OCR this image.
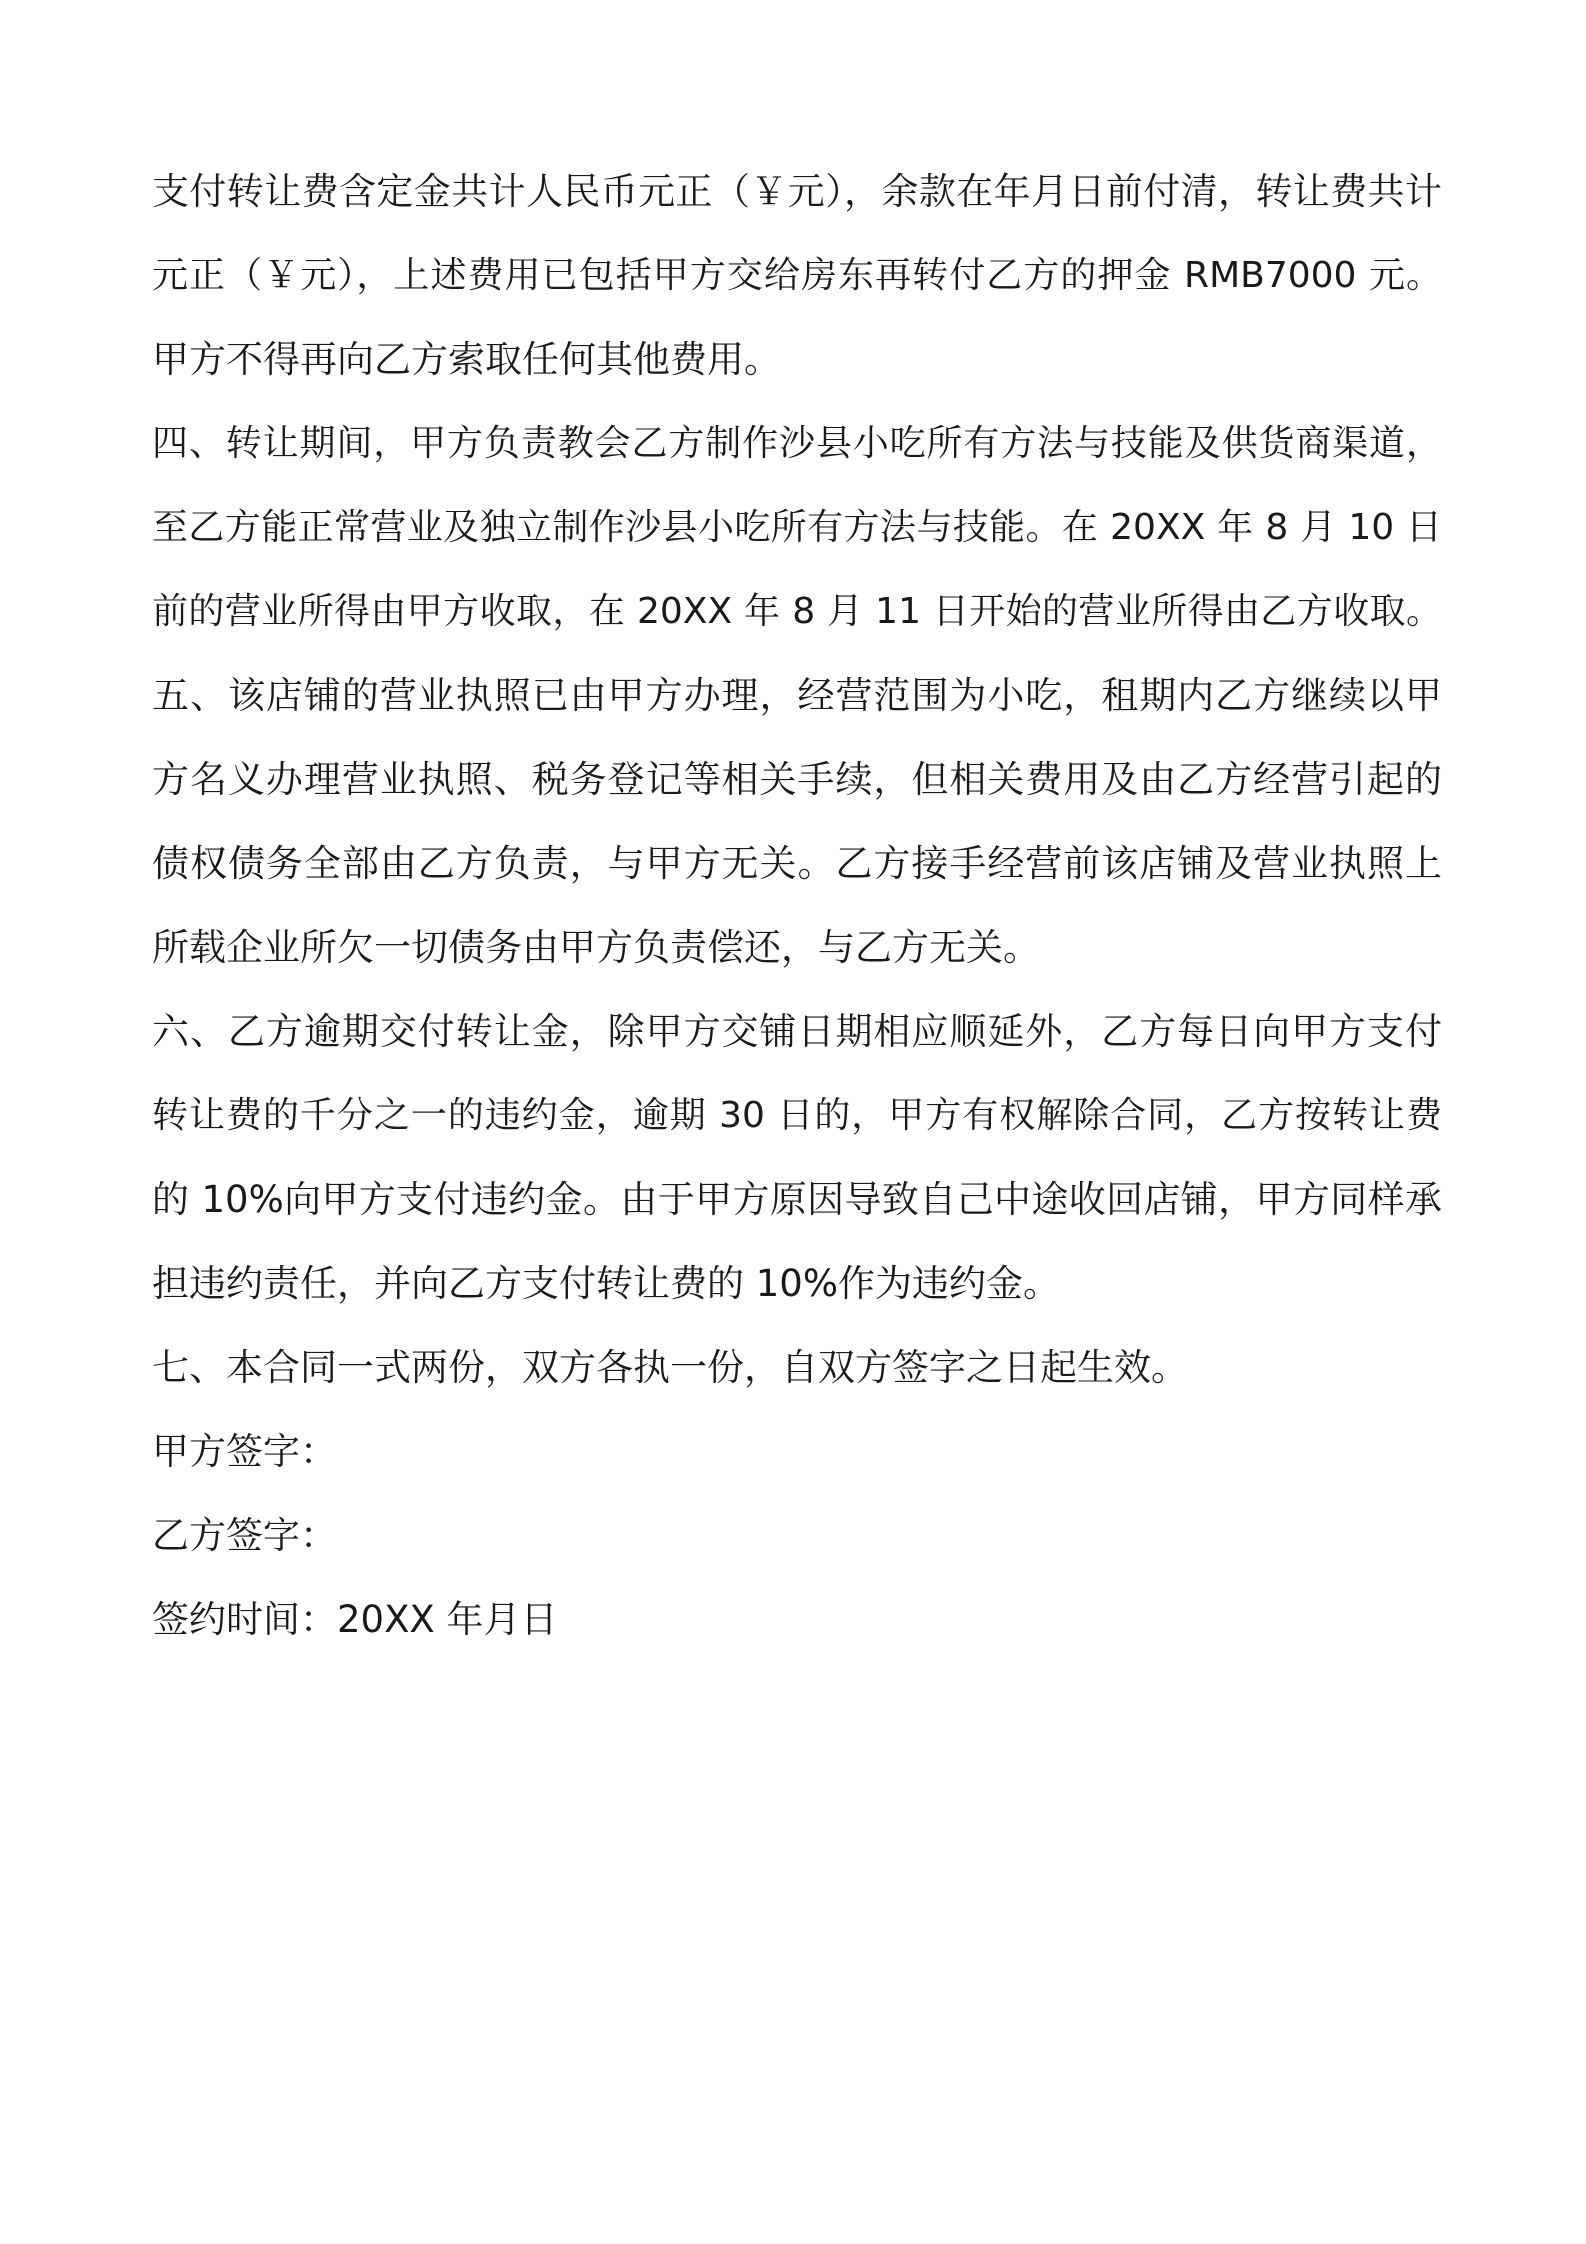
支付转让费含定金共计人民币元正（￥元），余款在年月日前付清，转让费共计
元正（￥元），上述费用已包括甲方交给房东再转付乙方的押金 RMB7000 元。
甲方不得再向乙方索取任何其他费用。
四、转让期间，甲方负责教会乙方制作沙县小吃所有方法与技能及供货商渠道，
至乙方能正常营业及独立制作沙县小吃所有方法与技能。在 20XX 年 8 月 10 日
前的营业所得由甲方收取，在 20XX 年 8 月 11 日开始的营业所得由乙方收取。
五、该店铺的营业执照已由甲方办理，经营范围为小吃，租期内乙方继续以甲
方名义办理营业执照、税务登记等相关手续，但相关费用及由乙方经营引起的
债权债务全部由乙方负责，与甲方无关。乙方接手经营前该店铺及营业执照上
所载企业所欠一切债务由甲方负责偿还，与乙方无关。
六、乙方逾期交付转让金，除甲方交铺日期相应顺延外，乙方每日向甲方支付
转让费的千分之一的违约金，逾期 30 日的，甲方有权解除合同，乙方按转让费
的 10%向甲方支付违约金。由于甲方原因导致自己中途收回店铺，甲方同样承
担违约责任，并向乙方支付转让费的 10%作为违约金。
七、本合同一式两份，双方各执一份，自双方签字之日起生效。
甲方签字：
乙方签字：
签约时间：20XX 年月日
